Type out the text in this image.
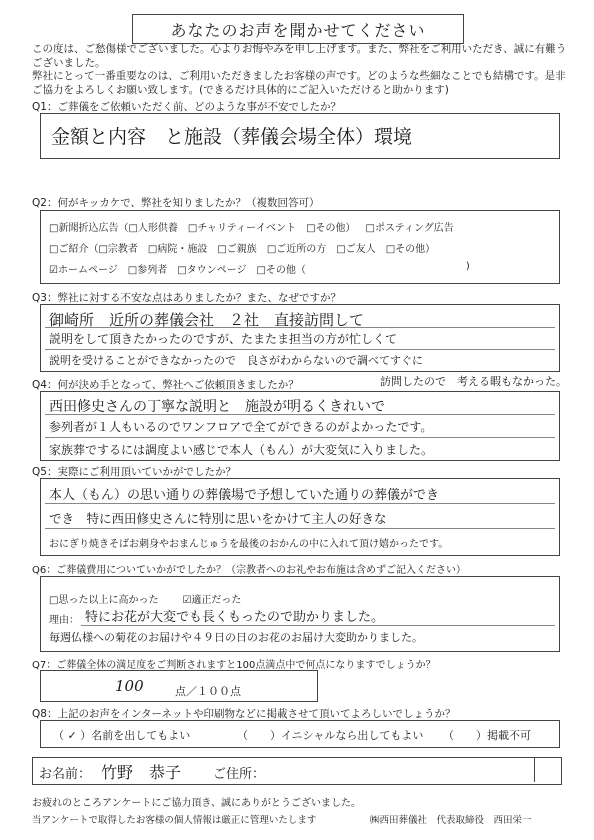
あなたのお声を聞かせてください
この度は、ご愁傷様でございました。心よりお悔やみを申し上げます。また、弊社をご利用いただき、誠に有難うございました。
弊社にとって一番重要なのは、ご利用いただきましたお客様の声です。どのような些細なことでも結構です。是非ご協力をよろしくお願い致します。(できるだけ具体的にご記入いただけると助かります)
Q1：ご葬儀をご依頼いただく前、どのような事が不安でしたか？
金額と内容　と施設（葬儀会場全体）環境
Q2：何がキッカケで、弊社を知りましたか？（複数回答可）
□新聞折込広告（□人形供養 □チャリティーイベント □その他） □ポスティング広告
□ご紹介（□宗教者 □病院・施設 □ご親族 □ご近所の方 □ご友人 □その他）
☑ホームページ □参列者 □タウンページ □その他（	)
Q3：弊社に対する不安な点はありましたか？また、なぜですか？
御崎所　近所の葬儀会社　２社　直接訪問して
説明をして頂きたかったのですが、たまたま担当の方が忙しくて
説明を受けることができなかったので　良さがわからないので調べてすぐに
Q4：何が決め手となって、弊社へご依頼頂きましたか？	訪問したので　考える暇もなかった。
西田修史さんの丁寧な説明と　施設が明るくきれいで
参列者が１人もいるのでワンフロアで全てができるのがよかったです。
家族葬でするには調度よい感じで本人（もん）が大変気に入りました。
Q5：実際にご利用頂いていかがでしたか？
本人（もん）の思い通りの葬儀場で予想していた通りの葬儀ができ
でき　特に西田修史さんに特別に思いをかけて主人の好きな
おにぎり焼きそばお刺身やおまんじゅうを最後のおかんの中に入れて頂け嬉かったです。
Q6：ご葬儀費用についていかがでしたか？（宗教者へのお礼やお布施は含めずご記入ください）
□思った以上に高かった ☑適正だった
理由： 特にお花が大変でも長くもったので助かりました。
毎週仏様への菊花のお届けや４９日の日のお花のお届け大変助かりました。
Q7：ご葬儀全体の満足度をご判断されますと100点満点中で何点になりますでしょうか？
100	点／１００点
Q8：上記のお声をインターネットや印刷物などに掲載させて頂いてよろしいでしょうか？
（ ✓ ）名前を出してもよい	（　　）イニシャルなら出してもよい （　　）掲載不可
お名前： 竹野　恭子 ご住所：
お疲れのところアンケートにご協力頂き、誠にありがとうございました。
当アンケートで取得したお客様の個人情報は厳正に管理いたします	㈱西田葬儀社　代表取締役　西田栄一
